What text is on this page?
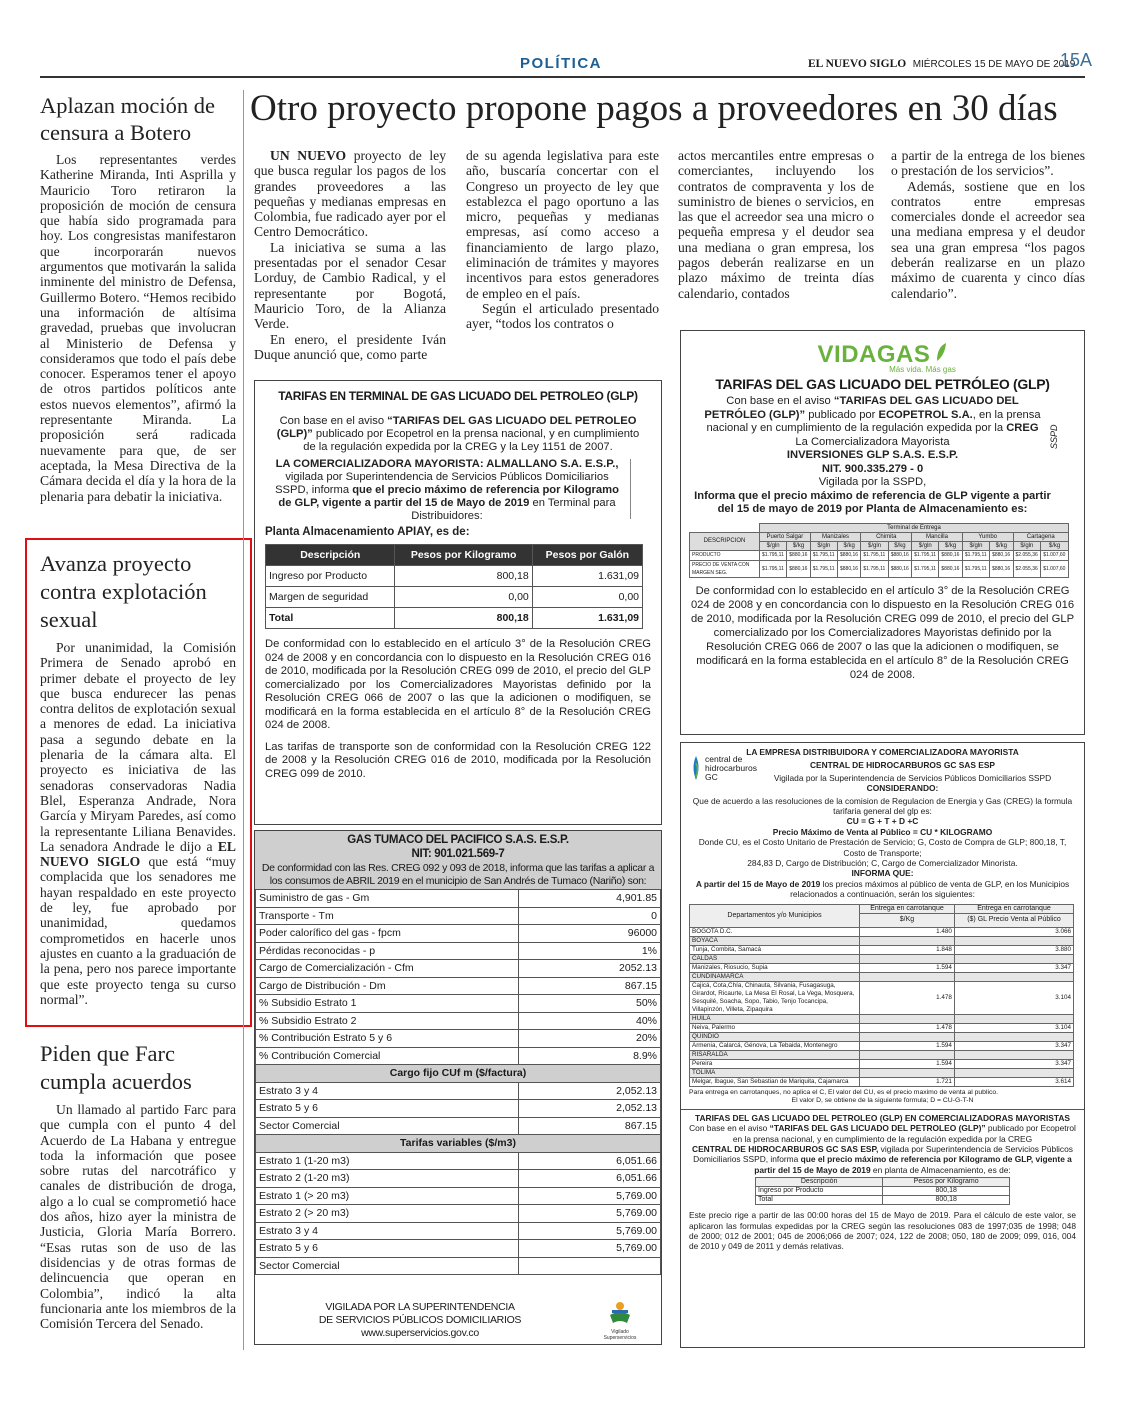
POLÍTICA	EL NUEVO SIGLO MIÉRCOLES 15 DE MAYO DE 2019
15A
Aplazan moción de censura a Botero

Los representantes verdes Katherine Miranda, Inti Asprilla y Mauricio Toro retiraron la proposición de moción de censura que había sido programada para hoy. Los congresistas manifestaron que incorporarán nuevos argumentos que motivarán la salida inminente del ministro de Defensa, Guillermo Botero. “Hemos recibido una información de altísima gravedad, pruebas que involucran al Ministerio de Defensa y consideramos que todo el país debe conocer. Esperamos tener el apoyo de otros partidos políticos ante estos nuevos elementos”, afirmó la representante Miranda. La proposición será radicada nuevamente para que, de ser aceptada, la Mesa Directiva de la Cámara decida el día y la hora de la plenaria para debatir la iniciativa.

Avanza proyecto contra explotación sexual

Por unanimidad, la Comisión Primera de Senado aprobó en primer debate el proyecto de ley que busca endurecer las penas contra delitos de explotación sexual a menores de edad. La iniciativa pasa a segundo debate en la plenaria de la cámara alta. El proyecto es iniciativa de las senadoras conservadoras Nadia Blel, Esperanza Andrade, Nora García y Miryam Paredes, así como la representante Liliana Benavides. La senadora Andrade le dijo a EL NUEVO SIGLO que está “muy complacida que los senadores me hayan respaldado en este proyecto de ley, fue aprobado por unanimidad, quedamos comprometidos en hacerle unos ajustes en cuanto a la graduación de la pena, pero nos parece importante que este proyecto tenga su curso normal”.

Piden que Farc cumpla acuerdos

Un llamado al partido Farc para que cumpla con el punto 4 del Acuerdo de La Habana y entregue toda la información que posee sobre rutas del narcotráfico y canales de distribución de droga, algo a lo cual se comprometió hace dos años, hizo ayer la ministra de Justicia, Gloria María Borrero. “Esas rutas son de uso de las disidencias y de otras formas de delincuencia que operan en Colombia”, indicó la alta funcionaria ante los miembros de la Comisión Tercera del Senado.

Otro proyecto propone pagos a proveedores en 30 días

UN NUEVO proyecto de ley que busca regular los pagos de los grandes proveedores a las pequeñas y medianas empresas en Colombia, fue radicado ayer por el Centro Democrático.

La iniciativa se suma a las presentadas por el senador Cesar Lorduy, de Cambio Radical, y el representante por Bogotá, Mauricio Toro, de la Alianza Verde.

En enero, el presidente Iván Duque anunció que, como parte

de su agenda legislativa para este año, buscaría concertar con el Congreso un proyecto de ley que establezca el pago oportuno a las micro, pequeñas y medianas empresas, así como acceso a financiamiento de largo plazo, eliminación de trámites y mayores incentivos para estos generadores de empleo en el país.

Según el articulado presentado ayer, “todos los contratos o

actos mercantiles entre empresas o comerciantes, incluyendo los contratos de compraventa y los de suministro de bienes o servicios, en las que el acreedor sea una micro o pequeña empresa y el deudor sea una mediana o gran empresa, los pagos deberán realizarse en un plazo máximo de treinta días calendario, contados

a partir de la entrega de los bienes o prestación de los servicios”.

Además, sostiene que en los contratos entre empresas comerciales donde el acreedor sea una mediana empresa y el deudor sea una gran empresa “los pagos deberán realizarse en un plazo máximo de cuarenta y cinco días calendario”.

TARIFAS EN TERMINAL DE GAS LICUADO DEL PETROLEO (GLP)
Con base en el aviso “TARIFAS DEL GAS LICUADO DEL PETROLEO (GLP)” publicado por Ecopetrol en la prensa nacional, y en cumplimiento de la regulación expedida por la CREG y la Ley 1151 de 2007.
LA COMERCIALIZADORA MAYORISTA: ALMALLANO S.A. E.S.P., vigilada por Superintendencia de Servicios Públicos Domiciliarios SSPD, informa que el precio máximo de referencia por Kilogramo de GLP, vigente a partir del 15 de Mayo de 2019 en Terminal para Distribuidores:
Planta Almacenamiento APIAY, es de:
Descripción	Pesos por Kilogramo	Pesos por Galón
Ingreso por Producto	800,18	1.631,09
Margen de seguridad	0,00	0,00
Total	800,18	1.631,09
De conformidad con lo establecido en el artículo 3° de la Resolución CREG 024 de 2008 y en concordancia con lo dispuesto en la Resolución CREG 016 de 2010, modificada por la Resolución CREG 099 de 2010, el precio del GLP comercializado por los Comercializadores Mayoristas definido por la Resolución CREG 066 de 2007 o las que la adicionen o modifiquen, se modificará en la forma establecida en el artículo 8° de la Resolución CREG 024 de 2008.
Las tarifas de transporte son de conformidad con la Resolución CREG 122 de 2008 y la Resolución CREG 016 de 2010, modificada por la Resolución CREG 099 de 2010.
GAS TUMACO DEL PACIFICO S.A.S. E.S.P.
NIT: 901.021.569-7
De conformidad con las Res. CREG 092 y 093 de 2018, informa que las tarifas a aplicar a los consumos de ABRIL 2019 en el municipio de San Andrés de Tumaco (Nariño) son:
Suministro de gas - Gm	4,901.85
Transporte - Tm	0
Poder calorífico del gas - fpcm	96000
Pérdidas reconocidas - p	1%
Cargo de Comercialización - Cfm	2052.13
Cargo de Distribución - Dm	867.15
% Subsidio Estrato 1	50%
% Subsidio Estrato 2	40%
% Contribución Estrato 5 y 6	20%
% Contribución Comercial	8.9%
Cargo fijo CUf m ($/factura)	
Estrato 3 y 4	2,052.13
Estrato 5 y 6	2,052.13
Sector Comercial	867.15
Tarifas variables ($/m3)	
Estrato 1 (1-20 m3)	6,051.66
Estrato 2 (1-20 m3)	6,051.66
Estrato 1 (> 20 m3)	5,769.00
Estrato 2 (> 20 m3)	5,769.00
Estrato 3 y 4	5,769.00
Estrato 5 y 6	5,769.00
Sector Comercial	
VIGILADA POR LA SUPERINTENDENCIA
DE SERVICIOS PÚBLICOS DOMICILIARIOS
www.superservicios.gov.co	Vigilado Superservicios
VIDAGAS
Más vida. Más gas
TARIFAS DEL GAS LICUADO DEL PETRÓLEO (GLP)
Con base en el aviso “TARIFAS DEL GAS LICUADO DEL PETRÓLEO (GLP)” publicado por ECOPETROL S.A., en la prensa nacional y en cumplimiento de la regulación expedida por la CREG
La Comercializadora Mayorista
INVERSIONES GLP S.A.S. E.S.P.
NIT. 900.335.279 - 0
Vigilada por la SSPD,
Informa que el precio máximo de referencia de GLP vigente a partir del 15 de mayo de 2019 por Planta de Almacenamiento es:
SSPD
	Terminal de Entrega											
DESCRIPCION	Puerto Salgar		Manizales		Chimita		Mancilla		Yumbo		Cartagena	
	$/gln	$/kg	$/gln	$/kg	$/gln	$/kg	$/gln	$/kg	$/gln	$/kg	$/gln	$/kg
PRODUCTO	$1.795,11	$880,16	$1.795,11	$880,16	$1.795,11	$880,16	$1.795,11	$880,16	$1.795,11	$880,16	$2.055,36	$1.007,60
PRECIO DE VENTA CON MARGEN SEG.	$1.795,11	$880,16	$1.795,11	$880,16	$1.795,11	$880,16	$1.795,11	$880,16	$1.795,11	$880,16	$2.055,36	$1.007,60
De conformidad con lo establecido en el artículo 3° de la Resolución CREG 024 de 2008 y en concordancia con lo dispuesto en la Resolución CREG 016 de 2010, modificada por la Resolución CREG 099 de 2010, el precio del GLP comercializado por los Comercializadores Mayoristas definido por la Resolución CREG 066 de 2007 o las que la adicionen o modifiquen, se modificará en la forma establecida en el artículo 8° de la Resolución CREG 024 de 2008.
LA EMPRESA DISTRIBUIDORA Y COMERCIALIZADORA MAYORISTA
CENTRAL DE HIDROCARBUROS GC SAS ESP
Vigilada por la Superintendencia de Servicios Públicos Domiciliarios SSPD
CONSIDERANDO:
central de
hidrocarburos GC
Que de acuerdo a las resoluciones de la comision de Regulacion de Energia y Gas (CREG) la formula tarifaria general del glp es:
CU = G + T + D +C
Precio Máximo de Venta al Público = CU * KILOGRAMO
Donde CU, es el Costo Unitario de Prestación de Servicio; G, Costo de Compra de GLP; 800,18, T, Costo de Transporte;
284,83 D, Cargo de Distribución; C, Cargo de Comercializador Minorista.
INFORMA QUE:
A partir del 15 de Mayo de 2019 los precios máximos al público de venta de GLP, en los Municipios relacionados a continuación, serán los siguientes:
Departamentos y/o Municipios	Entrega en carrotanque	Entrega en carrotanque
	$/Kg	($) GL Precio Venta al Público
BOGOTA D.C.	1.480	3.066
BOYACA		
Tunja, Combita, Samacá	1.848	3.880
CALDAS		
Manizales, Riosucio, Supia	1.594	3.347
CUNDINAMARCA		
Cajicá, Cota,Chía, Chinauta, Silvania, Fusagasuga, Girardot, Ricaurte, La Mesa El Rosal, La Vega, Mosquera, Sesquilé, Soacha, Sopo, Tabio, Tenjo Tocancipa, Villapinzón, Villeta, Zipaquira	1.478	3.104
HUILA		
Neiva, Palermo	1.478	3.104
QUINDIO		
Armenia, Calarcá, Génova, La Tebaida, Montenegro	1.594	3.347
RISARALDA		
Pereira	1.594	3.347
TOLIMA		
Melgar, Ibague, San Sebastian de Mariquita, Cajamarca	1.721	3.614
Para entrega en carrotanques, no aplica el C, El valor del CU, es el precio maximo de venta al publico.
El valor D, se obtiene de la siguiente formula; D = CU-G-T-N
TARIFAS DEL GAS LICUADO DEL PETROLEO (GLP) EN COMERCIALIZADORAS MAYORISTAS
Con base en el aviso “TARIFAS DEL GAS LICUADO DEL PETROLEO (GLP)” publicado por Ecopetrol en la prensa nacional, y en cumplimiento de la regulación expedida por la CREG
CENTRAL DE HIDROCARBUROS GC SAS ESP, vigilada por Superintendencia de Servicios Públicos Domiciliarios SSPD, informa que el precio máximo de referencia por Kilogramo de GLP, vigente a partir del 15 de Mayo de 2019 en planta de Almacenamiento, es de:
Descripción	Pesos por Kilogramo
Ingreso por Producto	800,18
Total	800,18
Este precio rige a partir de las 00:00 horas del 15 de Mayo de 2019. Para el cálculo de este valor, se aplicaron las formulas expedidas por la CREG según las resoluciones 083 de 1997;035 de 1998; 048 de 2000; 012 de 2001; 045 de 2006;066 de 2007; 024, 122 de 2008; 050, 180 de 2009; 099, 016, 004 de 2010 y 049 de 2011 y demás relativas.
